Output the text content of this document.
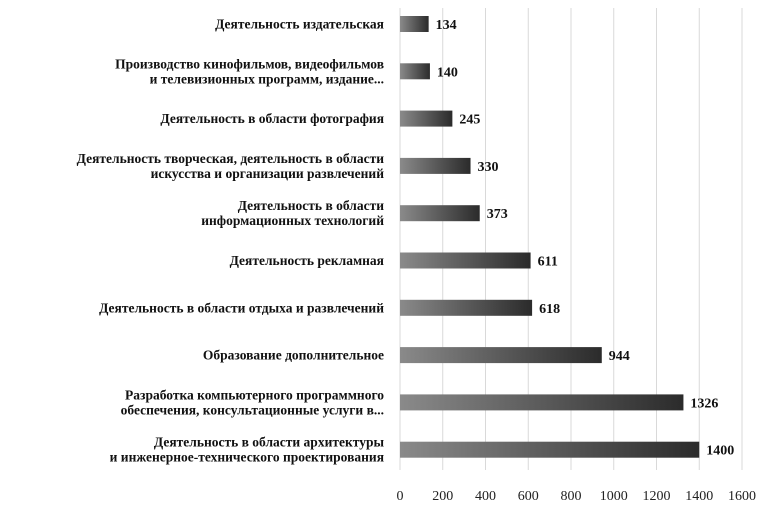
Деятельность издательская
Производство кинофильмов, видеофильмов и телевизионных программ, издание...
Деятельность в области фотография
Деятельность творческая, деятельность в области искусства и организации развлечений
Деятельность в области информационных технологий
Деятельность рекламная
Деятельность в области отдыха и развлечений
Образование дополнительное
Разработка компьютерного программного обеспечения, консультационные услуги в...
Деятельность в области архитектуры и инженерное-технического проектирования
134
140
245
330
373
611
618
944
1326
1400
0 200 400 600 800 1000 1200 1400 1600
